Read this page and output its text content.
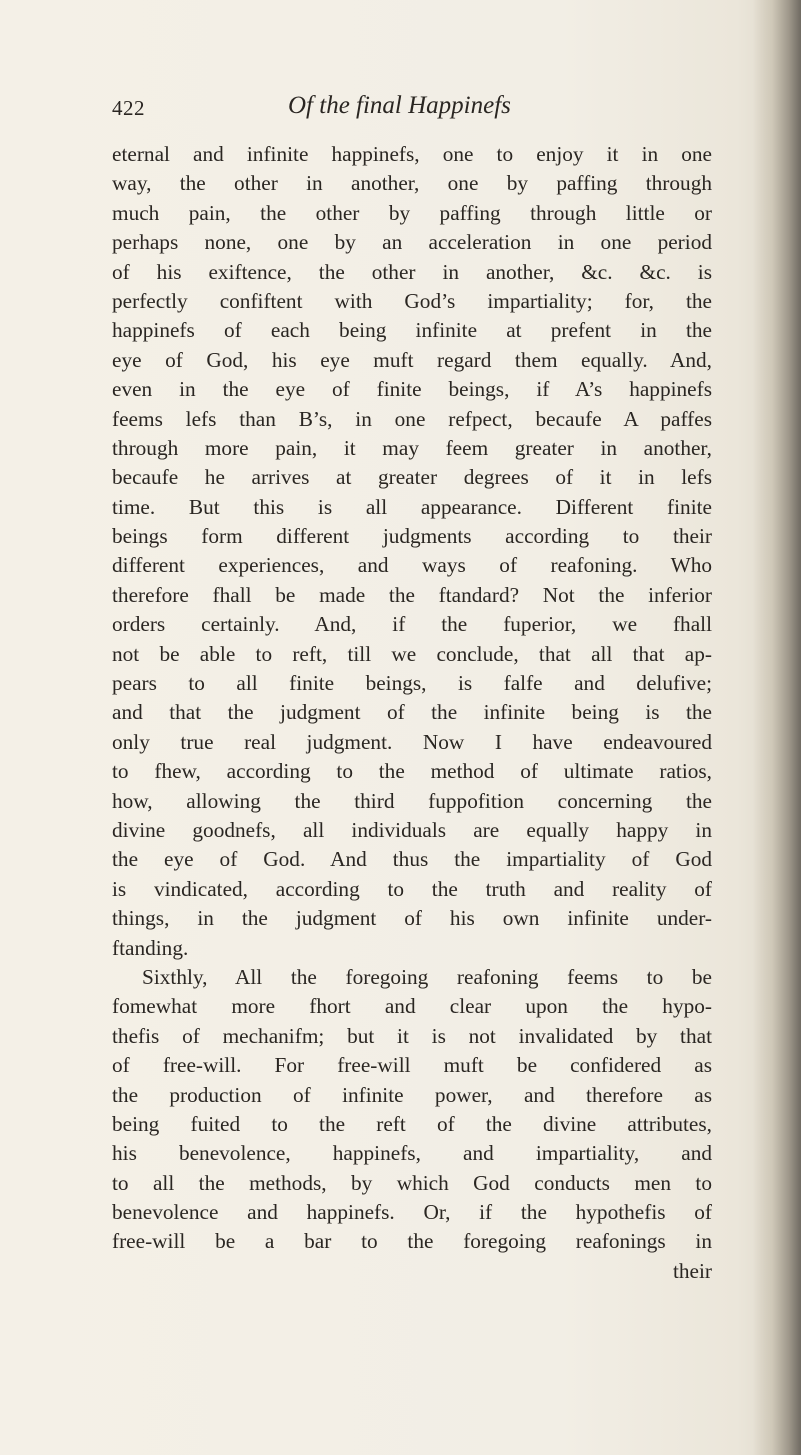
422	Of the final Happinefs
eternal and infinite happinefs, one to enjoy it in one
way, the other in another, one by paffing through
much pain, the other by paffing through little or
perhaps none, one by an acceleration in one period
of his exiftence, the other in another, &c. &c. is
perfectly confiftent with God’s impartiality; for, the
happinefs of each being infinite at prefent in the
eye of God, his eye muft regard them equally. And,
even in the eye of finite beings, if A’s happinefs
feems lefs than B’s, in one refpect, becaufe A paffes
through more pain, it may feem greater in another,
becaufe he arrives at greater degrees of it in lefs
time. But this is all appearance. Different finite
beings form different judgments according to their
different experiences, and ways of reafoning. Who
therefore fhall be made the ftandard? Not the inferior
orders certainly. And, if the fuperior, we fhall
not be able to reft, till we conclude, that all that ap-
pears to all finite beings, is falfe and delufive;
and that the judgment of the infinite being is the
only true real judgment. Now I have endeavoured
to fhew, according to the method of ultimate ratios,
how, allowing the third fuppofition concerning the
divine goodnefs, all individuals are equally happy in
the eye of God. And thus the impartiality of God
is vindicated, according to the truth and reality of
things, in the judgment of his own infinite under-
ftanding.
Sixthly, All the foregoing reafoning feems to be
fomewhat more fhort and clear upon the hypo-
thefis of mechanifm; but it is not invalidated by that
of free-will. For free-will muft be confidered as
the production of infinite power, and therefore as
being fuited to the reft of the divine attributes,
his benevolence, happinefs, and impartiality, and
to all the methods, by which God conducts men to
benevolence and happinefs. Or, if the hypothefis of
free-will be a bar to the foregoing reafonings in
their
